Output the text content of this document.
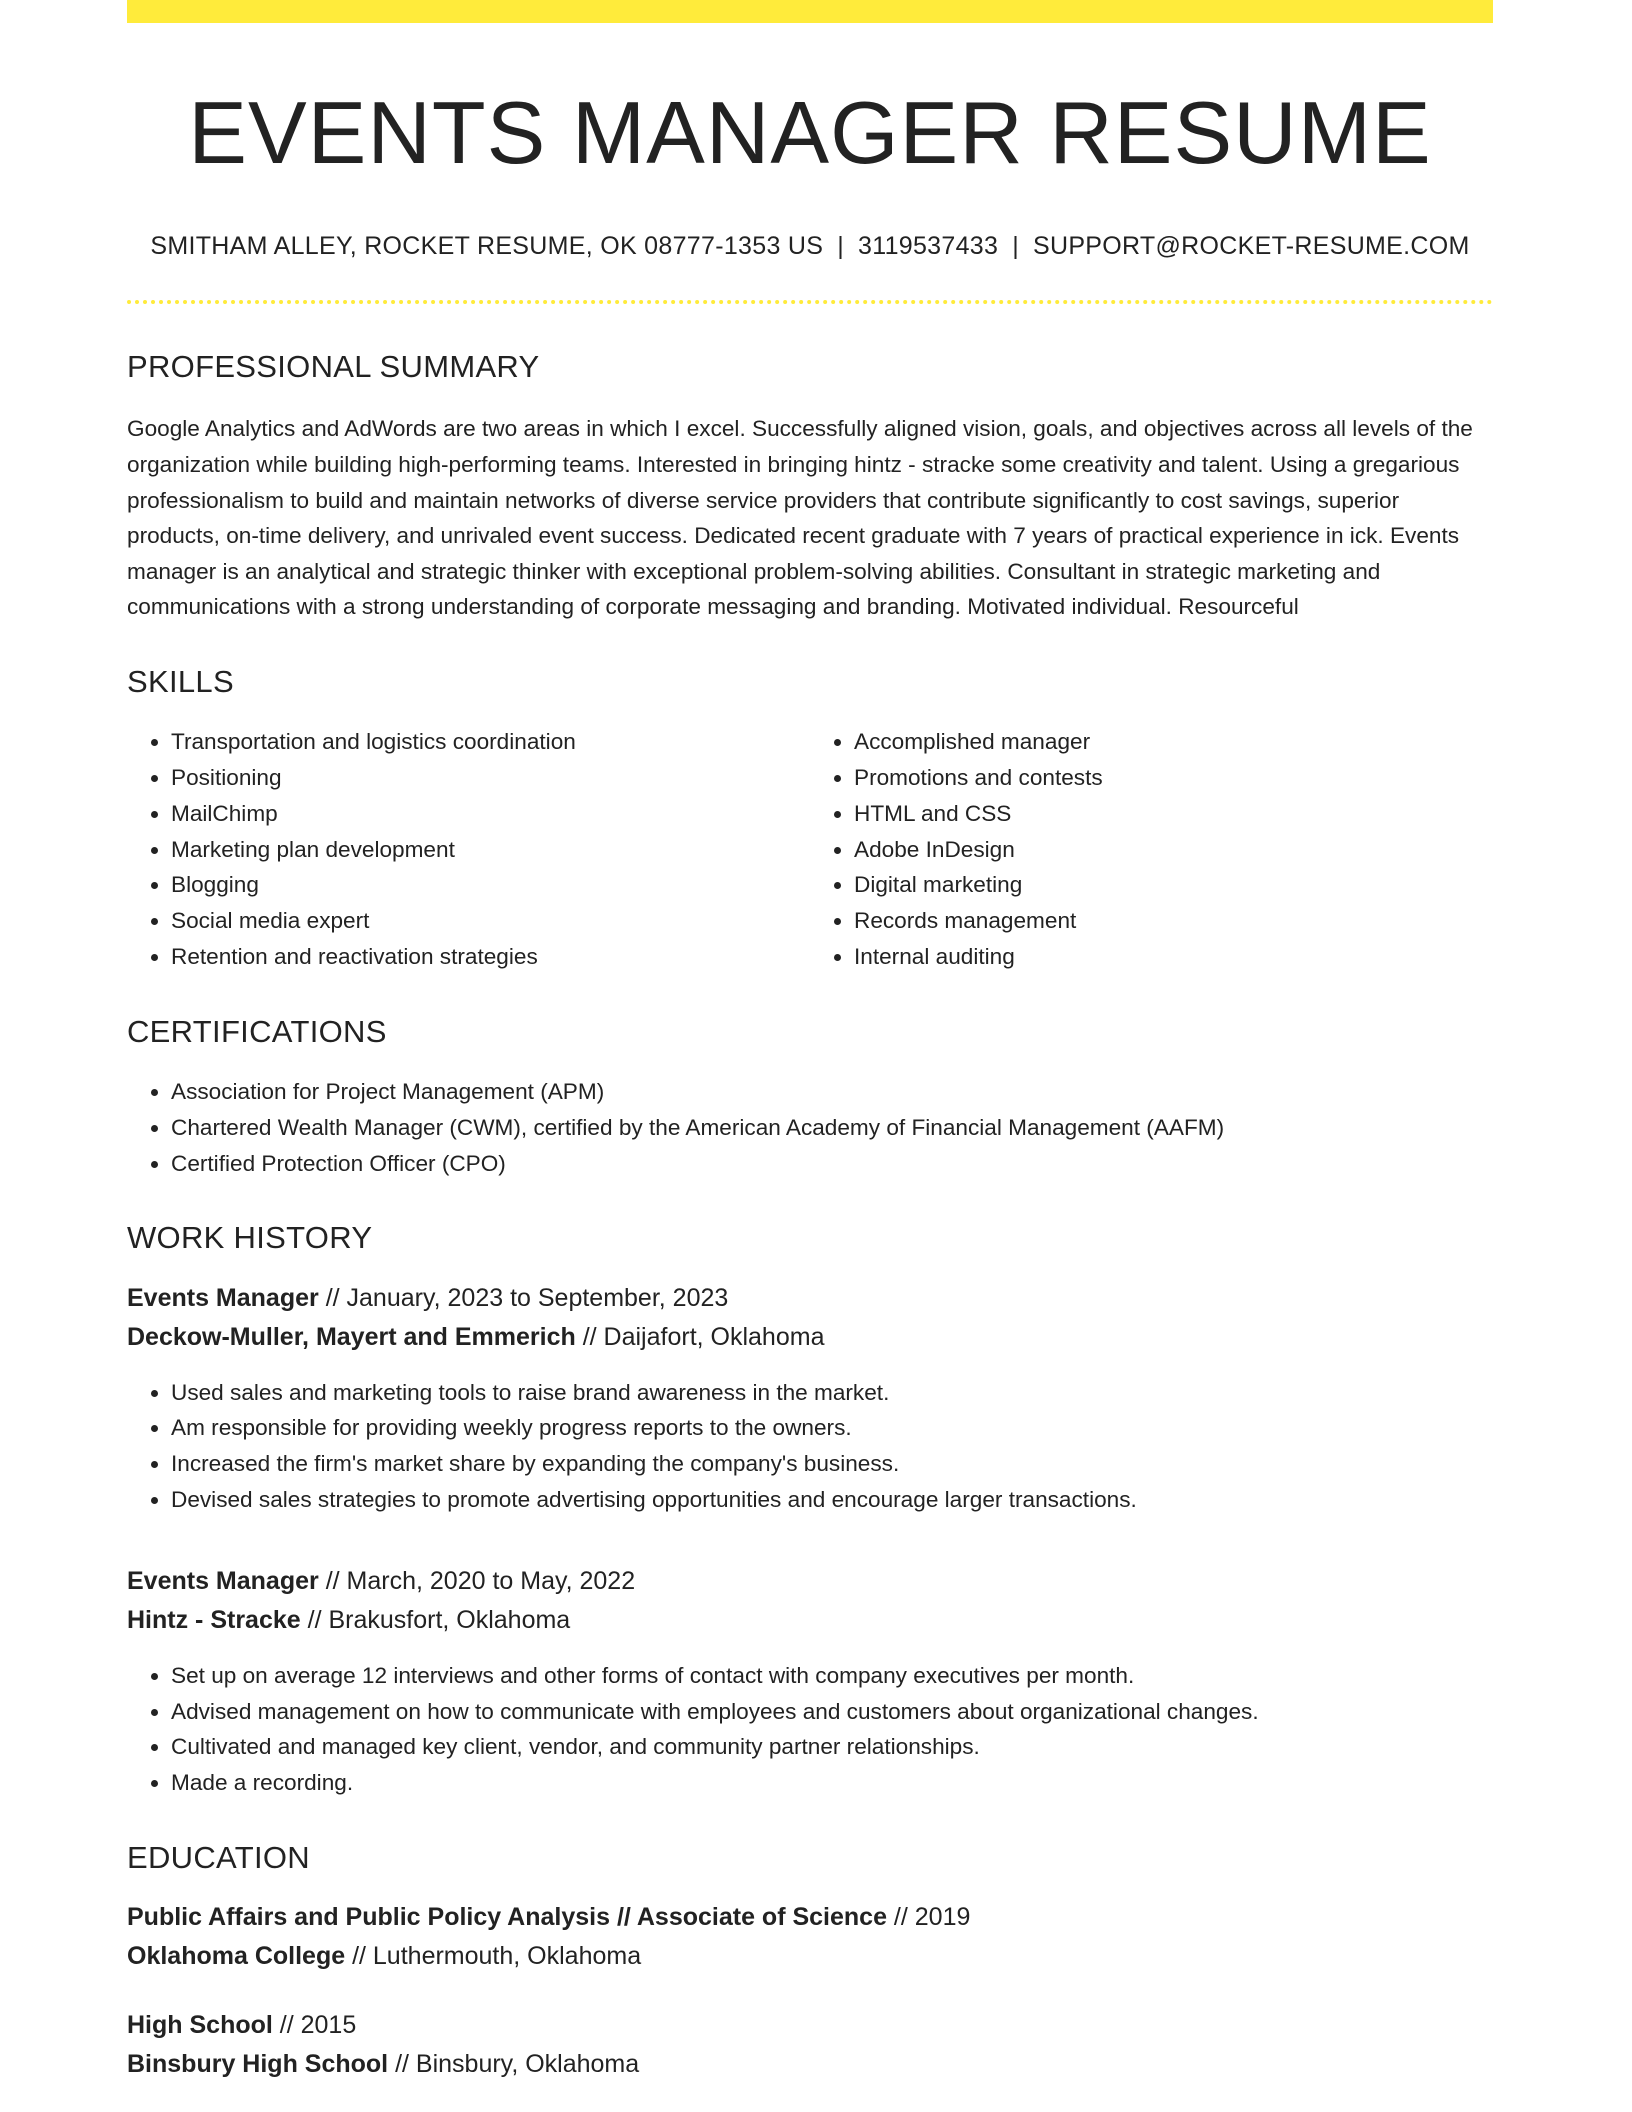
EVENTS MANAGER RESUME
SMITHAM ALLEY, ROCKET RESUME, OK 08777-1353 US | 3119537433 | SUPPORT@ROCKET-RESUME.COM
PROFESSIONAL SUMMARY
Google Analytics and AdWords are two areas in which I excel. Successfully aligned vision, goals, and objectives across all levels of the organization while building high-performing teams. Interested in bringing hintz - stracke some creativity and talent. Using a gregarious professionalism to build and maintain networks of diverse service providers that contribute significantly to cost savings, superior products, on-time delivery, and unrivaled event success. Dedicated recent graduate with 7 years of practical experience in ick. Events manager is an analytical and strategic thinker with exceptional problem-solving abilities. Consultant in strategic marketing and communications with a strong understanding of corporate messaging and branding. Motivated individual. Resourceful
SKILLS
• Transportation and logistics coordination
• Positioning
• MailChimp
• Marketing plan development
• Blogging
• Social media expert
• Retention and reactivation strategies
• Accomplished manager
• Promotions and contests
• HTML and CSS
• Adobe InDesign
• Digital marketing
• Records management
• Internal auditing
CERTIFICATIONS
• Association for Project Management (APM)
• Chartered Wealth Manager (CWM), certified by the American Academy of Financial Management (AAFM)
• Certified Protection Officer (CPO)
WORK HISTORY
Events Manager // January, 2023 to September, 2023
Deckow-Muller, Mayert and Emmerich // Daijafort, Oklahoma
• Used sales and marketing tools to raise brand awareness in the market.
• Am responsible for providing weekly progress reports to the owners.
• Increased the firm's market share by expanding the company's business.
• Devised sales strategies to promote advertising opportunities and encourage larger transactions.
Events Manager // March, 2020 to May, 2022
Hintz - Stracke // Brakusfort, Oklahoma
• Set up on average 12 interviews and other forms of contact with company executives per month.
• Advised management on how to communicate with employees and customers about organizational changes.
• Cultivated and managed key client, vendor, and community partner relationships.
• Made a recording.
EDUCATION
Public Affairs and Public Policy Analysis // Associate of Science // 2019
Oklahoma College // Luthermouth, Oklahoma
High School // 2015
Binsbury High School // Binsbury, Oklahoma
